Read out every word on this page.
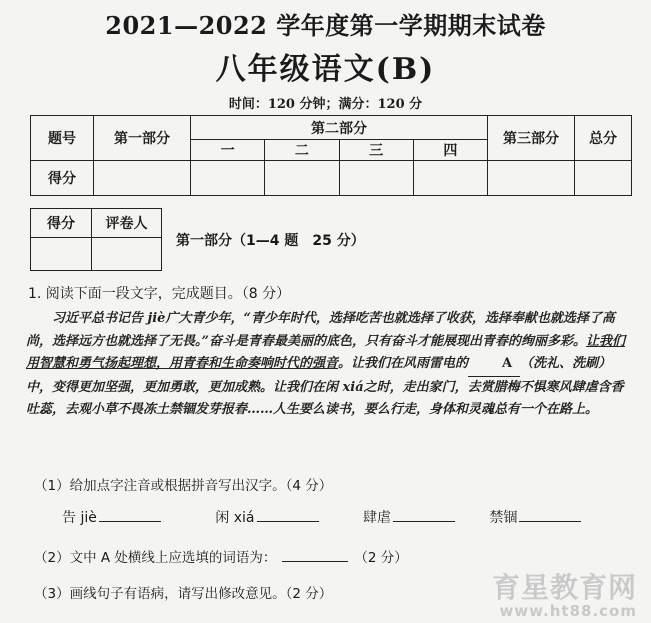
2021—2022 学年度第一学期期末试卷
八年级语文(B)
时间：120 分钟；满分：120 分
题号	第一部分	第二部分				第三部分	总分
		一	二	三	四		
得分							
得分	评卷人

第一部分（1—4 题　25 分）
1. 阅读下面一段文字，完成题目。（8 分）
习近平总书记告 jiè广大青少年，“青少年时代，选择吃苦也就选择了收获，选择奉献也就选择了高尚，选择远方也就选择了无畏。”奋斗是青春最美丽的底色，只有奋斗才能展现出青春的绚丽多彩。让我们用智慧和勇气扬起理想，用青春和生命奏响时代的强音。让我们在风雨雷电的	A （洗礼、洗刷）中，变得更加坚强，更加勇敢，更加成熟。让我们在闲 xiá之时，走出家门，去赏腊梅不惧寒风肆虐含香吐蕊，去观小草不畏冻土禁锢发芽报春……人生要么读书，要么行走，身体和灵魂总有一个在路上。
（1）给加点字注音或根据拼音写出汉字。（4 分）
告 jiè	闲 xiá	肆虐	禁锢
（2）文中 A 处横线上应选填的词语为：	（2 分）
（3）画线句子有语病，请写出修改意见。（2 分）	育星教育网
www.ht88.com
